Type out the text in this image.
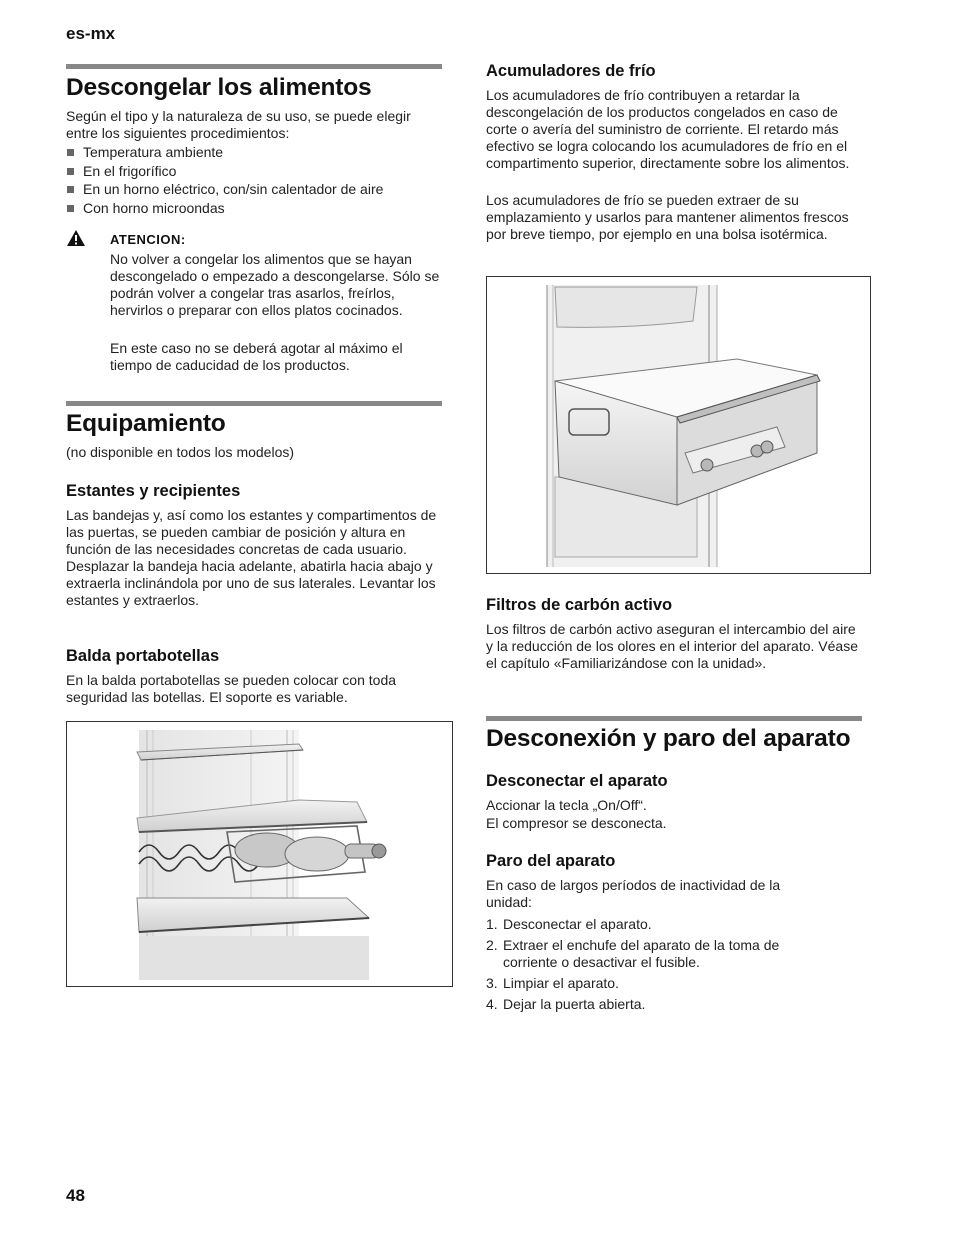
es-mx
Descongelar los alimentos

Según el tipo y la naturaleza de su uso, se puede elegir entre los siguientes procedimientos:

Temperatura ambiente
En el frigorífico
En un horno eléctrico, con/sin calentador de aire
Con horno microondas
ATENCION:

No volver a congelar los alimentos que se hayan descongelado o empezado a descongelarse. Sólo se podrán volver a congelar tras asarlos, freírlos, hervirlos o preparar con ellos platos cocinados.

En este caso no se deberá agotar al máximo el tiempo de caducidad de los productos.

Equipamiento

(no disponible en todos los modelos)

Estantes y recipientes

Las bandejas y, así como los estantes y compartimentos de las puertas, se pueden cambiar de posición y altura en función de las necesidades concretas de cada usuario. Desplazar la bandeja hacia adelante, abatirla hacia abajo y extraerla inclinándola por uno de sus laterales. Levantar los estantes y extraerlos.

Balda portabotellas

En la balda portabotellas se pueden colocar con toda seguridad las botellas. El soporte es variable.

Acumuladores de frío

Los acumuladores de frío contribuyen a retardar la descongelación de los productos congelados en caso de corte o avería del suministro de corriente. El retardo más efectivo se logra colocando los acumuladores de frío en el compartimento superior, directamente sobre los alimentos.

Los acumuladores de frío se pueden extraer de su emplazamiento y usarlos para mantener alimentos frescos por breve tiempo, por ejemplo en una bolsa isotérmica.

Filtros de carbón activo

Los filtros de carbón activo aseguran el intercambio del aire y la reducción de los olores en el interior del aparato. Véase el capítulo «Familiarizándose con la unidad».

Desconexión y paro del aparato
Desconectar el aparato

Accionar la tecla „On/Off“.

El compresor se desconecta.

Paro del aparato

En caso de largos períodos de inactividad de la unidad:

1. Desconectar el aparato.
2. Extraer el enchufe del aparato de la toma de corriente o desactivar el fusible.
3. Limpiar el aparato.
4. Dejar la puerta abierta.
48
